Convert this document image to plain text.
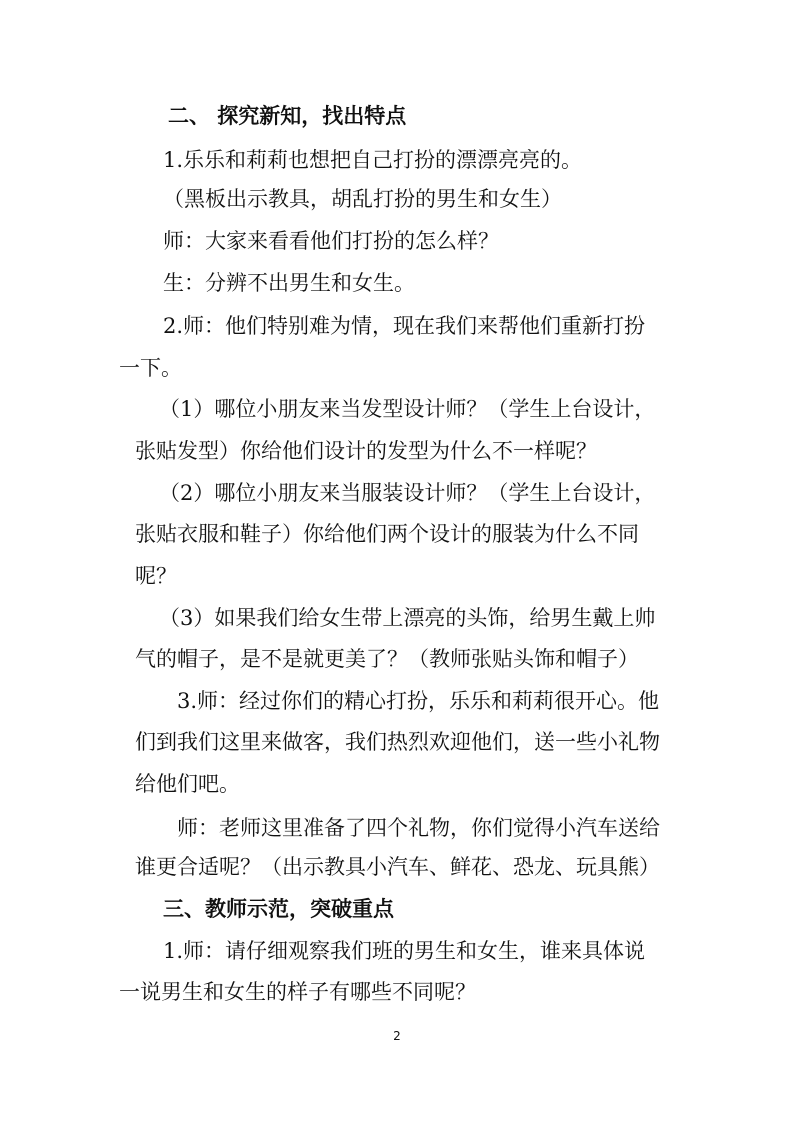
二、 探究新知，找出特点
1.乐乐和莉莉也想把自己打扮的漂漂亮亮的。
（黑板出示教具，胡乱打扮的男生和女生）
师：大家来看看他们打扮的怎么样？
生：分辨不出男生和女生。
2.师：他们特别难为情，现在我们来帮他们重新打扮
一下。
（1）哪位小朋友来当发型设计师？（学生上台设计，
张贴发型）你给他们设计的发型为什么不一样呢？
（2）哪位小朋友来当服装设计师？（学生上台设计，
张贴衣服和鞋子）你给他们两个设计的服装为什么不同
呢？
（3）如果我们给女生带上漂亮的头饰，给男生戴上帅
气的帽子，是不是就更美了？（教师张贴头饰和帽子）
3.师：经过你们的精心打扮，乐乐和莉莉很开心。他
们到我们这里来做客，我们热烈欢迎他们，送一些小礼物
给他们吧。
师：老师这里准备了四个礼物，你们觉得小汽车送给
谁更合适呢？（出示教具小汽车、鲜花、恐龙、玩具熊）
三、教师示范，突破重点
1.师：请仔细观察我们班的男生和女生，谁来具体说
一说男生和女生的样子有哪些不同呢？
2
